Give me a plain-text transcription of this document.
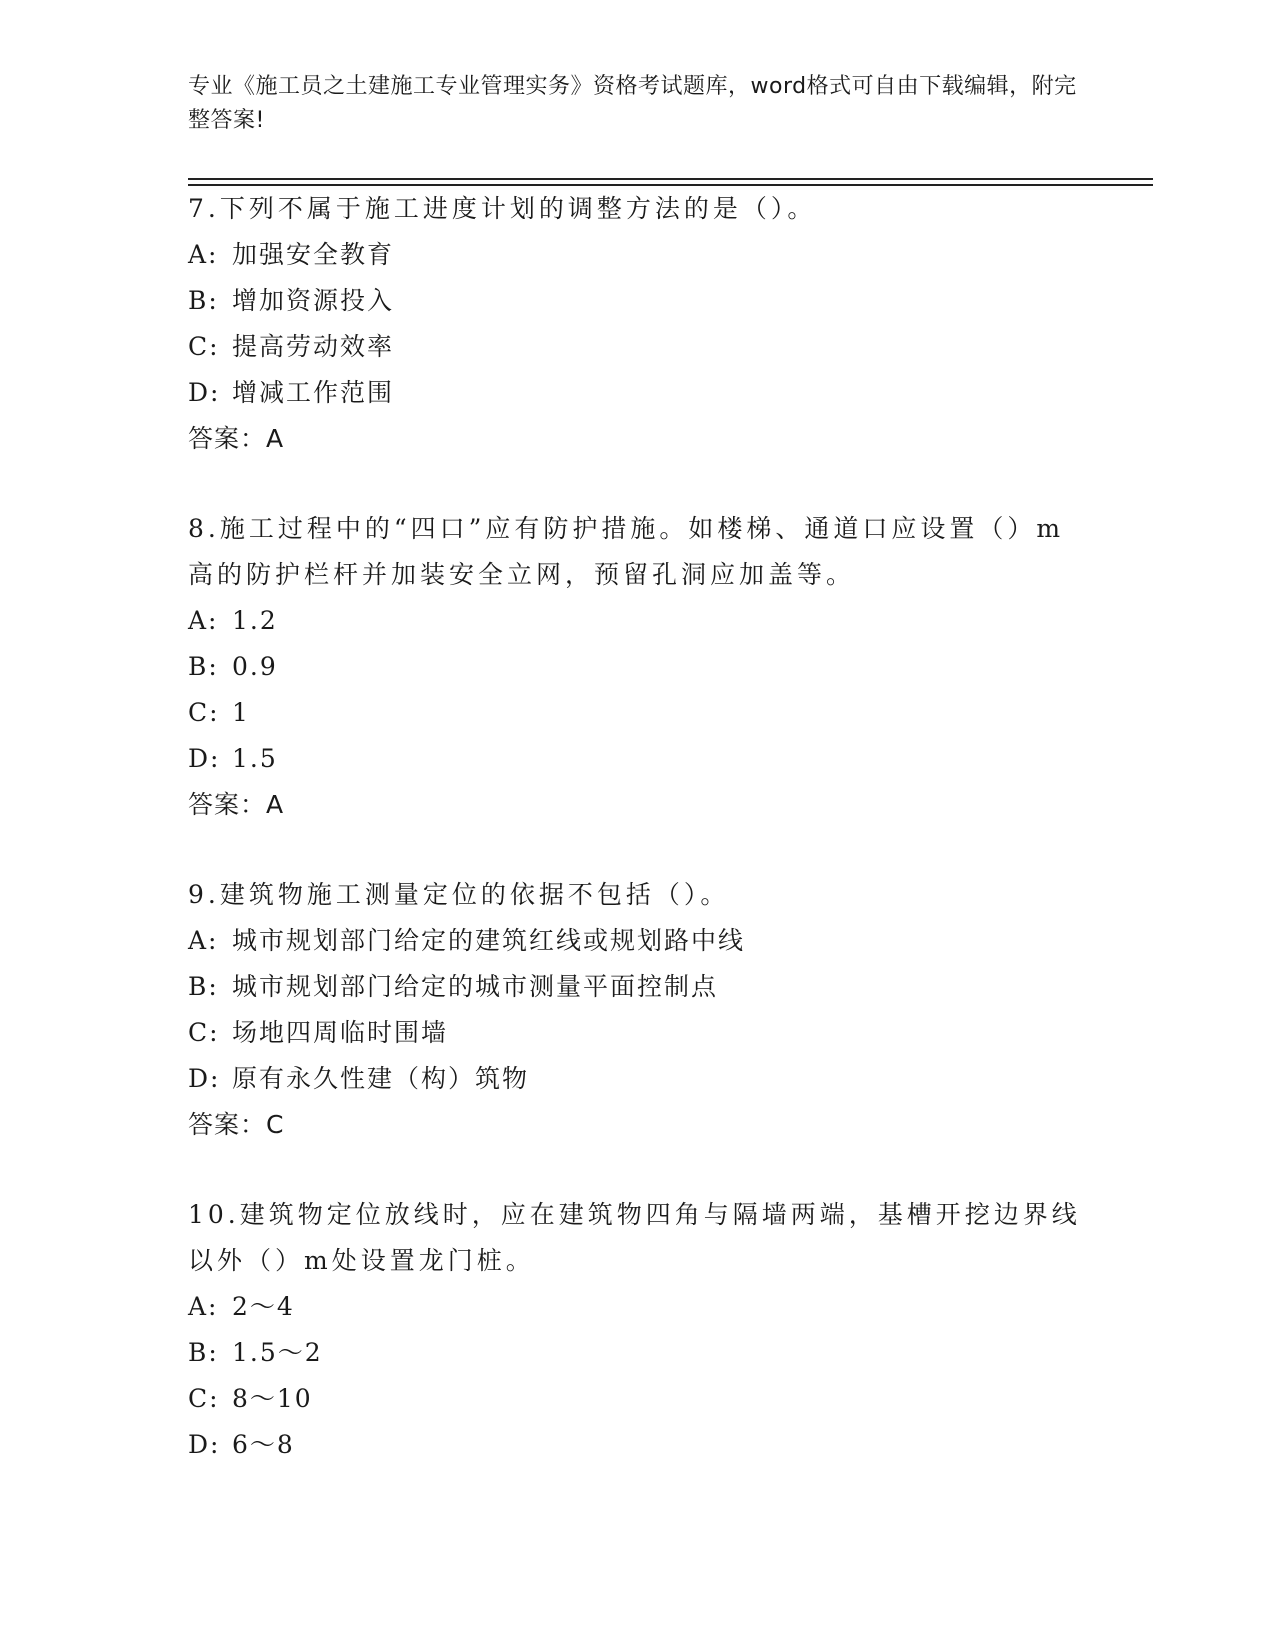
专业《施工员之土建施工专业管理实务》资格考试题库，word格式可自由下载编辑，附完整答案!
7.下列不属于施工进度计划的调整方法的是（）。
A: 加强安全教育
B: 增加资源投入
C: 提高劳动效率
D: 增减工作范围
答案：A
8.施工过程中的“四口”应有防护措施。如楼梯、通道口应设置（）m高的防护栏杆并加装安全立网，预留孔洞应加盖等。
A: 1.2
B: 0.9
C: 1
D: 1.5
答案：A
9.建筑物施工测量定位的依据不包括（）。
A: 城市规划部门给定的建筑红线或规划路中线
B: 城市规划部门给定的城市测量平面控制点
C: 场地四周临时围墙
D: 原有永久性建（构）筑物
答案：C
10.建筑物定位放线时，应在建筑物四角与隔墙两端，基槽开挖边界线以外（）m处设置龙门桩。
A: 2～4
B: 1.5～2
C: 8～10
D: 6～8
